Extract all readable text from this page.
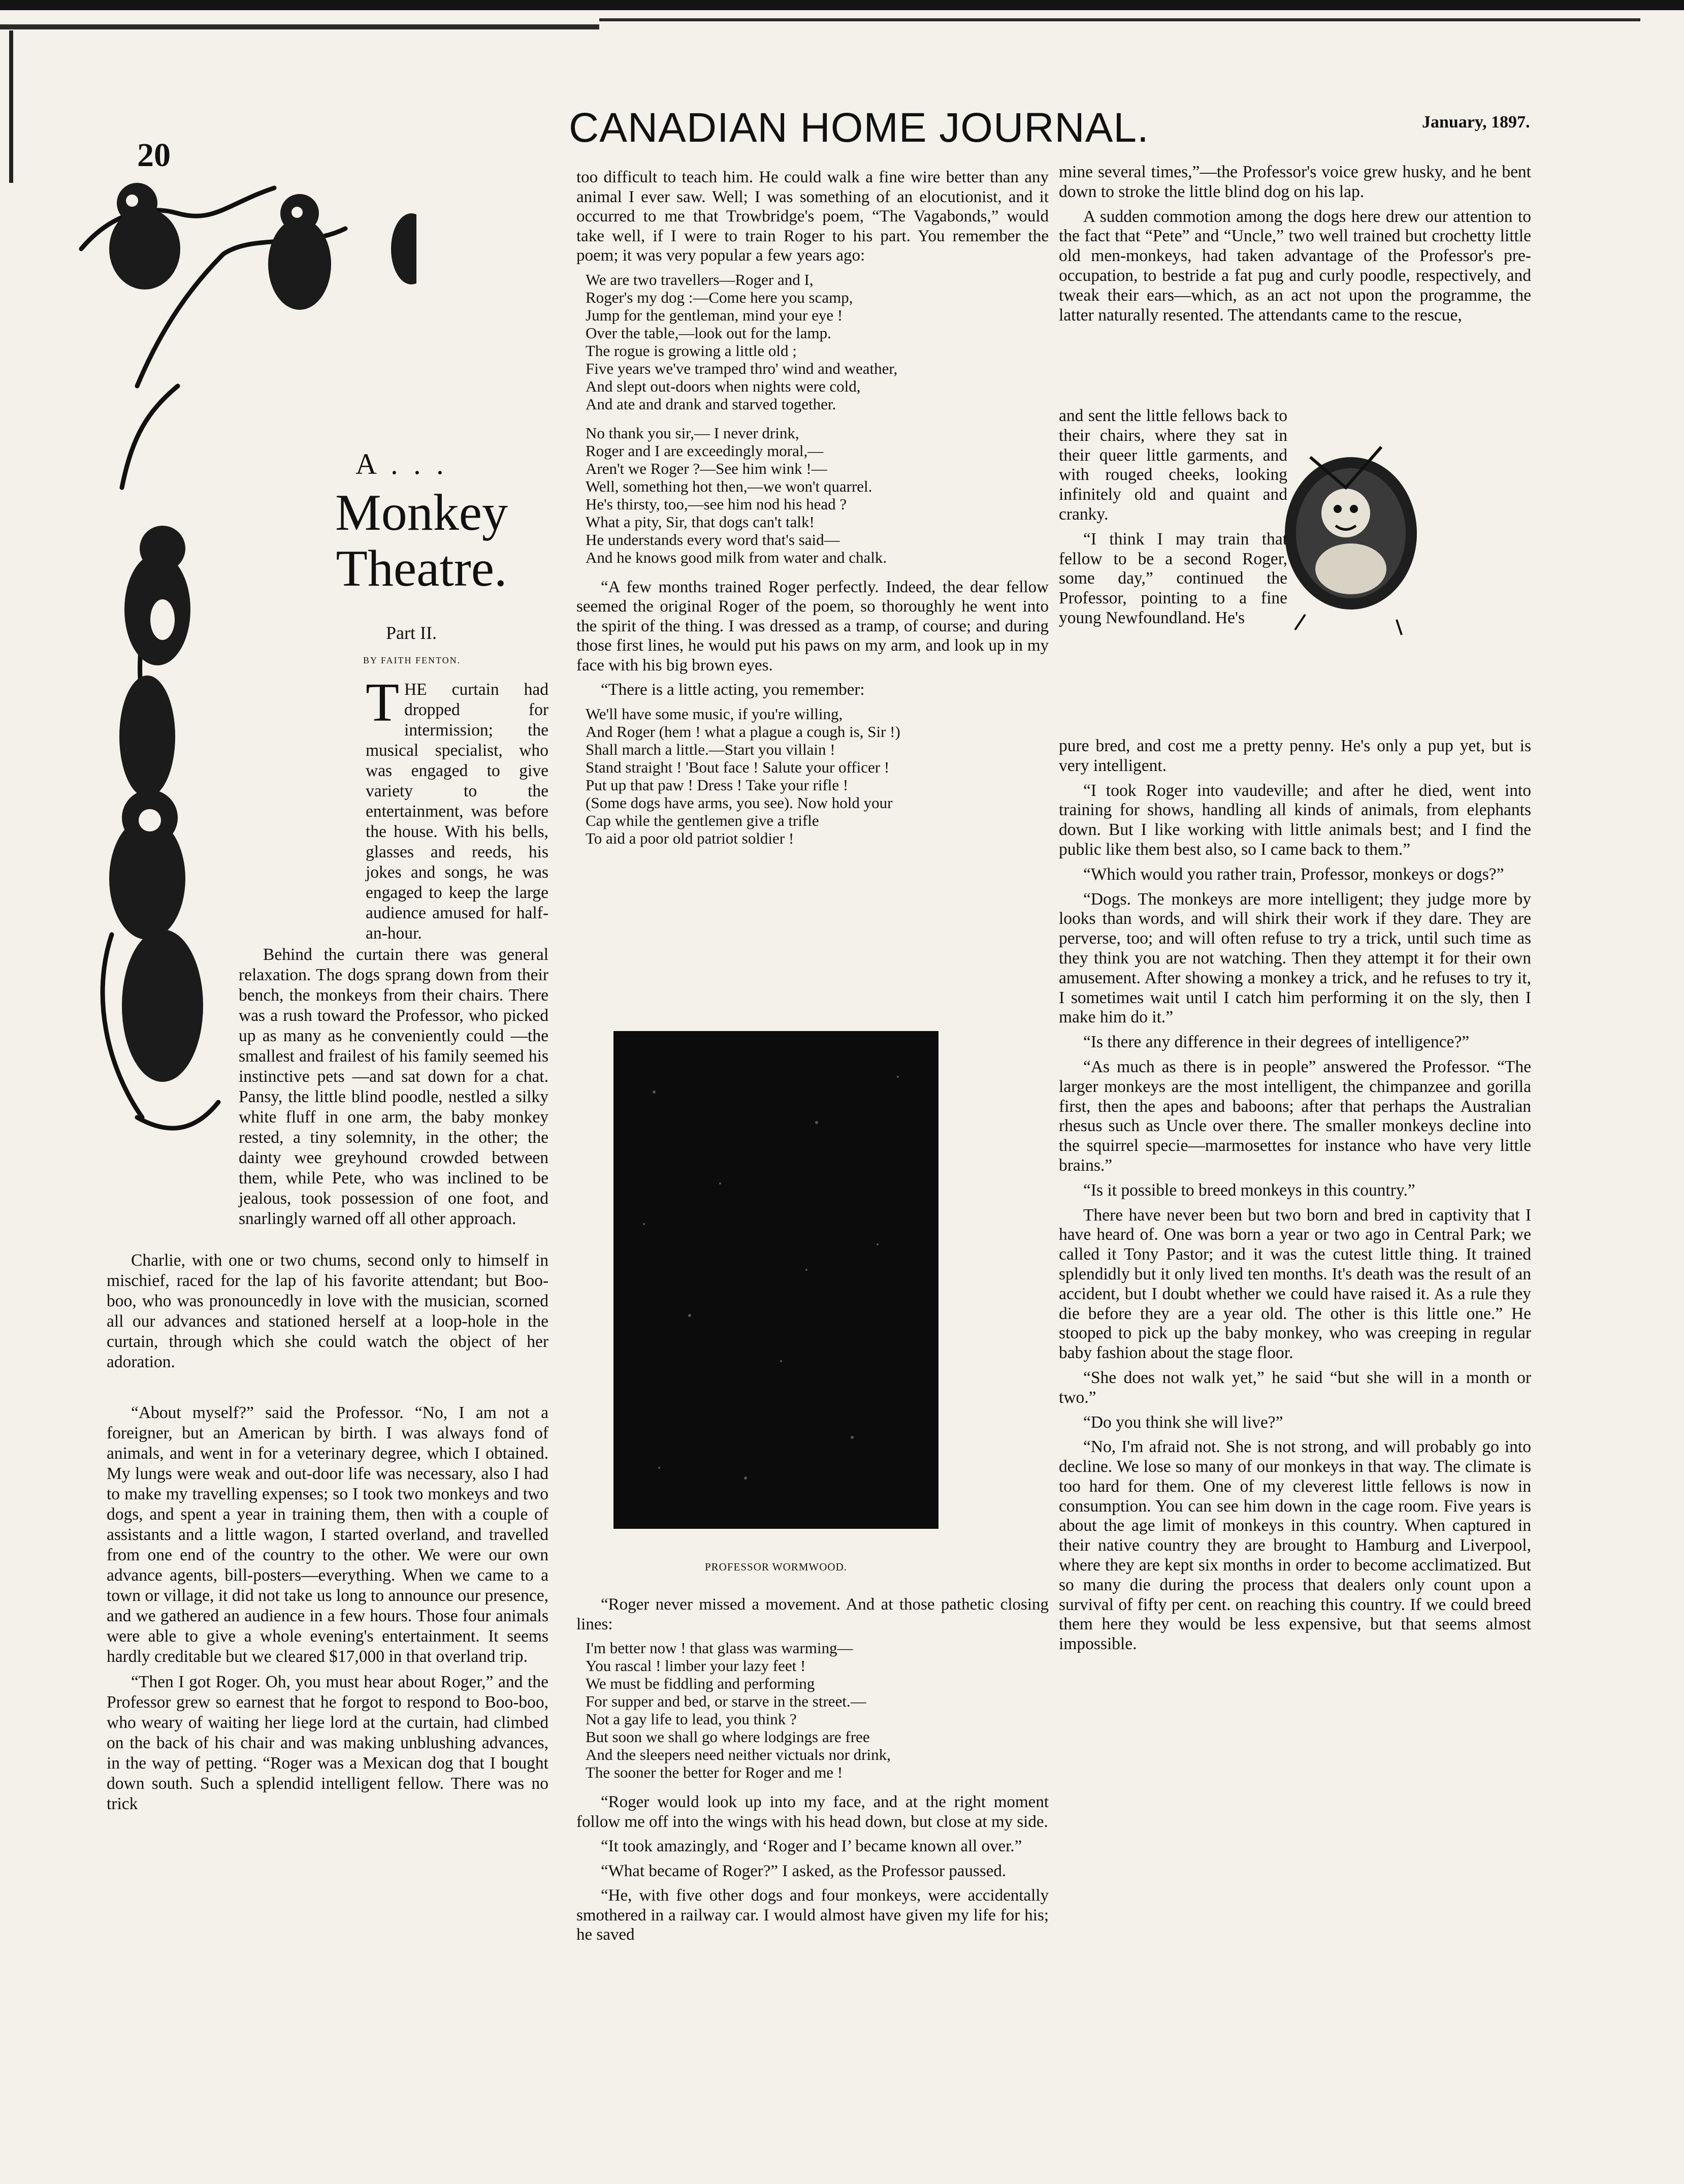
20
CANADIAN HOME JOURNAL.	January, 1897.
A . . .
Monkey
Theatre.
Part II.
BY FAITH FENTON.

THE curtain had dropped for intermission; the musical specialist, who was engaged to give variety to the entertainment, was before the house. With his bells, glasses and reeds, his jokes and songs, he was engaged to keep the large audience amused for half-an-hour.

Behind the curtain there was general relaxation. The dogs sprang down from their bench, the monkeys from their chairs. There was a rush toward the Professor, who picked up as many as he conveniently could —the smallest and frailest of his family seemed his instinctive pets —and sat down for a chat. Pansy, the little blind poodle, nestled a silky white fluff in one arm, the baby monkey rested, a tiny solemnity, in the other; the dainty wee greyhound crowded between them, while Pete, who was inclined to be jealous, took possession of one foot, and snarlingly warned off all other approach.

Charlie, with one or two chums, second only to himself in mischief, raced for the lap of his favorite attendant; but Boo-boo, who was pronouncedly in love with the musician, scorned all our advances and stationed herself at a loop-hole in the curtain, through which she could watch the object of her adoration.

“About myself?” said the Professor. “No, I am not a foreigner, but an American by birth. I was always fond of animals, and went in for a veterinary degree, which I obtained. My lungs were weak and out-door life was necessary, also I had to make my travelling expenses; so I took two monkeys and two dogs, and spent a year in training them, then with a couple of assistants and a little wagon, I started overland, and travelled from one end of the country to the other. We were our own advance agents, bill-posters—everything. When we came to a town or village, it did not take us long to announce our presence, and we gathered an audience in a few hours. Those four animals were able to give a whole evening's entertainment. It seems hardly creditable but we cleared $17,000 in that overland trip.

“Then I got Roger. Oh, you must hear about Roger,” and the Professor grew so earnest that he forgot to respond to Boo-boo, who weary of waiting her liege lord at the curtain, had climbed on the back of his chair and was making unblushing advances, in the way of petting. “Roger was a Mexican dog that I bought down south. Such a splendid intelligent fellow. There was no trick

too difficult to teach him. He could walk a fine wire better than any animal I ever saw. Well; I was something of an elocutionist, and it occurred to me that Trowbridge's poem, “The Vagabonds,” would take well, if I were to train Roger to his part. You remember the poem; it was very popular a few years ago:

We are two travellers—Roger and I,
Roger's my dog :—Come here you scamp,
Jump for the gentleman, mind your eye !
Over the table,—look out for the lamp.
The rogue is growing a little old ;
Five years we've tramped thro' wind and weather,
And slept out-doors when nights were cold,
And ate and drank and starved together.
No thank you sir,— I never drink,
Roger and I are exceedingly moral,—
Aren't we Roger ?—See him wink !—
Well, something hot then,—we won't quarrel.
He's thirsty, too,—see him nod his head ?
What a pity, Sir, that dogs can't talk!
He understands every word that's said—
And he knows good milk from water and chalk.

“A few months trained Roger perfectly. Indeed, the dear fellow seemed the original Roger of the poem, so thoroughly he went into the spirit of the thing. I was dressed as a tramp, of course; and during those first lines, he would put his paws on my arm, and look up in my face with his big brown eyes.

“There is a little acting, you remember:

We'll have some music, if you're willing,
And Roger (hem ! what a plague a cough is, Sir !)
Shall march a little.—Start you villain !
Stand straight ! 'Bout face ! Salute your officer !
Put up that paw ! Dress ! Take your rifle !
(Some dogs have arms, you see). Now hold your
Cap while the gentlemen give a trifle
To aid a poor old patriot soldier !
PROFESSOR WORMWOOD.

“Roger never missed a movement. And at those pathetic closing lines:

I'm better now ! that glass was warming—
You rascal ! limber your lazy feet !
We must be fiddling and performing
For supper and bed, or starve in the street.—
Not a gay life to lead, you think ?
But soon we shall go where lodgings are free
And the sleepers need neither victuals nor drink,
The sooner the better for Roger and me !

“Roger would look up into my face, and at the right moment follow me off into the wings with his head down, but close at my side.

“It took amazingly, and ‘Roger and I’ became known all over.”

“What became of Roger?” I asked, as the Professor paussed.

“He, with five other dogs and four monkeys, were accidentally smothered in a railway car. I would almost have given my life for his; he saved

mine several times,”—the Professor's voice grew husky, and he bent down to stroke the little blind dog on his lap.

A sudden commotion among the dogs here drew our attention to the fact that “Pete” and “Uncle,” two well trained but crochetty little old men-monkeys, had taken advantage of the Professor's pre-occupation, to bestride a fat pug and curly poodle, respectively, and tweak their ears—which, as an act not upon the programme, the latter naturally resented. The attendants came to the rescue,

and sent the little fellows back to their chairs, where they sat in their queer little garments, and with rouged cheeks, looking infinitely old and quaint and cranky.

“I think I may train that fellow to be a second Roger, some day,” continued the Professor, pointing to a fine young Newfoundland. He's

pure bred, and cost me a pretty penny. He's only a pup yet, but is very intelligent.

“I took Roger into vaudeville; and after he died, went into training for shows, handling all kinds of animals, from elephants down. But I like working with little animals best; and I find the public like them best also, so I came back to them.”

“Which would you rather train, Professor, monkeys or dogs?”

“Dogs. The monkeys are more intelligent; they judge more by looks than words, and will shirk their work if they dare. They are perverse, too; and will often refuse to try a trick, until such time as they think you are not watching. Then they attempt it for their own amusement. After showing a monkey a trick, and he refuses to try it, I sometimes wait until I catch him performing it on the sly, then I make him do it.”

“Is there any difference in their degrees of intelligence?”

“As much as there is in people” answered the Professor. “The larger monkeys are the most intelligent, the chimpanzee and gorilla first, then the apes and baboons; after that perhaps the Australian rhesus such as Uncle over there. The smaller monkeys decline into the squirrel specie—marmosettes for instance who have very little brains.”

“Is it possible to breed monkeys in this country.”

There have never been but two born and bred in captivity that I have heard of. One was born a year or two ago in Central Park; we called it Tony Pastor; and it was the cutest little thing. It trained splendidly but it only lived ten months. It's death was the result of an accident, but I doubt whether we could have raised it. As a rule they die before they are a year old. The other is this little one.” He stooped to pick up the baby monkey, who was creeping in regular baby fashion about the stage floor.

“She does not walk yet,” he said “but she will in a month or two.”

“Do you think she will live?”

“No, I'm afraid not. She is not strong, and will probably go into decline. We lose so many of our monkeys in that way. The climate is too hard for them. One of my cleverest little fellows is now in consumption. You can see him down in the cage room. Five years is about the age limit of monkeys in this country. When captured in their native country they are brought to Hamburg and Liverpool, where they are kept six months in order to become acclimatized. But so many die during the process that dealers only count upon a survival of fifty per cent. on reaching this country. If we could breed them here they would be less expensive, but that seems almost impossible.
